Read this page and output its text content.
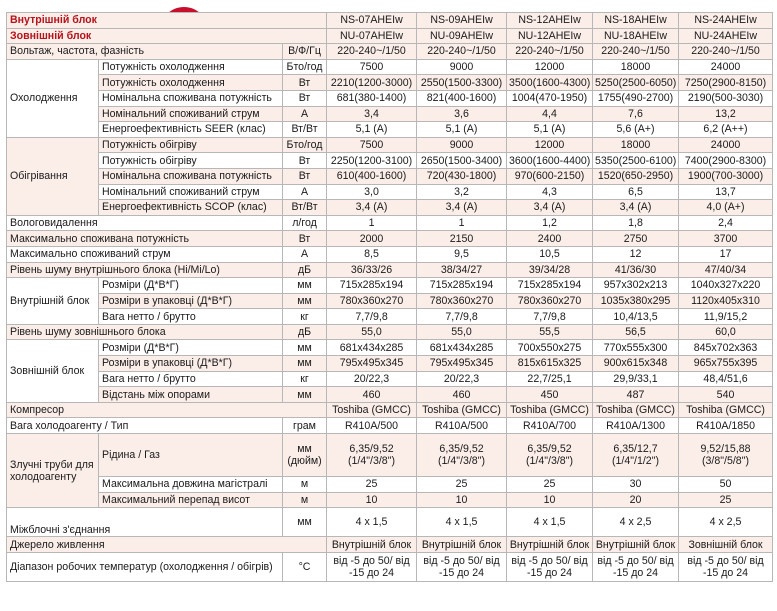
Внутрішній блок			NS-07AHEIw	NS-09AHEIw	NS-12AHEIw	NS-18AHEIw	NS-24AHEIw
Зовнішній блок			NU-07AHEIw	NU-09AHEIw	NU-12AHEIw	NU-18AHEIw	NU-24AHEIw
Вольтаж, частота, фазність		В/Ф/Гц	220-240~/1/50	220-240~/1/50	220-240~/1/50	220-240~/1/50	220-240~/1/50
Охолодження	Потужність охолодження	Бто/год	7500	9000	12000	18000	24000
	Потужність охолодження	Вт	2210(1200-3000)	2550(1500-3300)	3500(1600-4300)	5250(2500-6050)	7250(2900-8150)
	Номінальна споживана потужність	Вт	681(380-1400)	821(400-1600)	1004(470-1950)	1755(490-2700)	2190(500-3030)
	Номінальний споживаний струм	А	3,4	3,6	4,4	7,6	13,2
	Енергоефективність SEER (клас)	Вт/Вт	5,1 (A)	5,1 (A)	5,1 (A)	5,6 (A+)	6,2 (A++)
Обігрівання	Потужність обігріву	Бто/год	7500	9000	12000	18000	24000
	Потужність обігріву	Вт	2250(1200-3100)	2650(1500-3400)	3600(1600-4400)	5350(2500-6100)	7400(2900-8300)
	Номінальна споживана потужність	Вт	610(400-1600)	720(430-1800)	970(600-2150)	1520(650-2950)	1900(700-3000)
	Номінальний споживаний струм	А	3,0	3,2	4,3	6,5	13,7
	Енергоефективність SCOP (клас)	Вт/Вт	3,4 (A)	3,4 (A)	3,4 (A)	3,4 (A)	4,0 (A+)
Вологовидалення		л/год	1	1	1,2	1,8	2,4
Максимально споживана потужність		Вт	2000	2150	2400	2750	3700
Максимально споживаний струм		А	8,5	9,5	10,5	12	17
Рівень шуму внутрішнього блока (Hi/Mi/Lo)		дБ	36/33/26	38/34/27	39/34/28	41/36/30	47/40/34
Внутрішній блок	Розміри (Д*В*Г)	мм	715x285x194	715x285x194	715x285x194	957x302x213	1040x327x220
	Розміри в упаковці (Д*В*Г)	мм	780x360x270	780x360x270	780x360x270	1035x380x295	1120x405x310
	Вага нетто / брутто	кг	7,7/9,8	7,7/9,8	7,7/9,8	10,4/13,5	11,9/15,2
Рівень шуму зовнішнього блока		дБ	55,0	55,0	55,5	56,5	60,0
Зовнішній блок	Розміри (Д*В*Г)	мм	681x434x285	681x434x285	700x550x275	770x555x300	845x702x363
	Розміри в упаковці (Д*В*Г)	мм	795x495x345	795x495x345	815x615x325	900x615x348	965x755x395
	Вага нетто / брутто	кг	20/22,3	20/22,3	22,7/25,1	29,9/33,1	48,4/51,6
	Відстань між опорами	мм	460	460	450	487	540
Компресор			Toshiba (GMCC)	Toshiba (GMCC)	Toshiba (GMCC)	Toshiba (GMCC)	Toshiba (GMCC)
Вага холодоагенту / Тип		грам	R410A/500	R410A/500	R410A/700	R410A/1300	R410A/1850
Злучні труби для холодоагенту	Рідина / Газ	мм (дюйм)	6,35/9,52 (1/4"/3/8")	6,35/9,52 (1/4"/3/8")	6,35/9,52 (1/4"/3/8")	6,35/12,7 (1/4"/1/2")	9,52/15,88 (3/8"/5/8")
	Максимальна довжина магістралі	м	25	25	25	30	50
	Максимальний перепад висот	м	10	10	10	20	25
Міжблочні з'єднання		мм	4 x 1,5	4 x 1,5	4 x 1,5	4 x 2,5	4 x 2,5
Джерело живлення			Внутрішній блок	Внутрішній блок	Внутрішній блок	Внутрішній блок	Зовнішній блок
Діапазон робочих температур (охолодження / обігрів)		°С	від -5 до 50/ від -15 до 24	від -5 до 50/ від -15 до 24	від -5 до 50/ від -15 до 24	від -5 до 50/ від -15 до 24	від -5 до 50/ від -15 до 24
